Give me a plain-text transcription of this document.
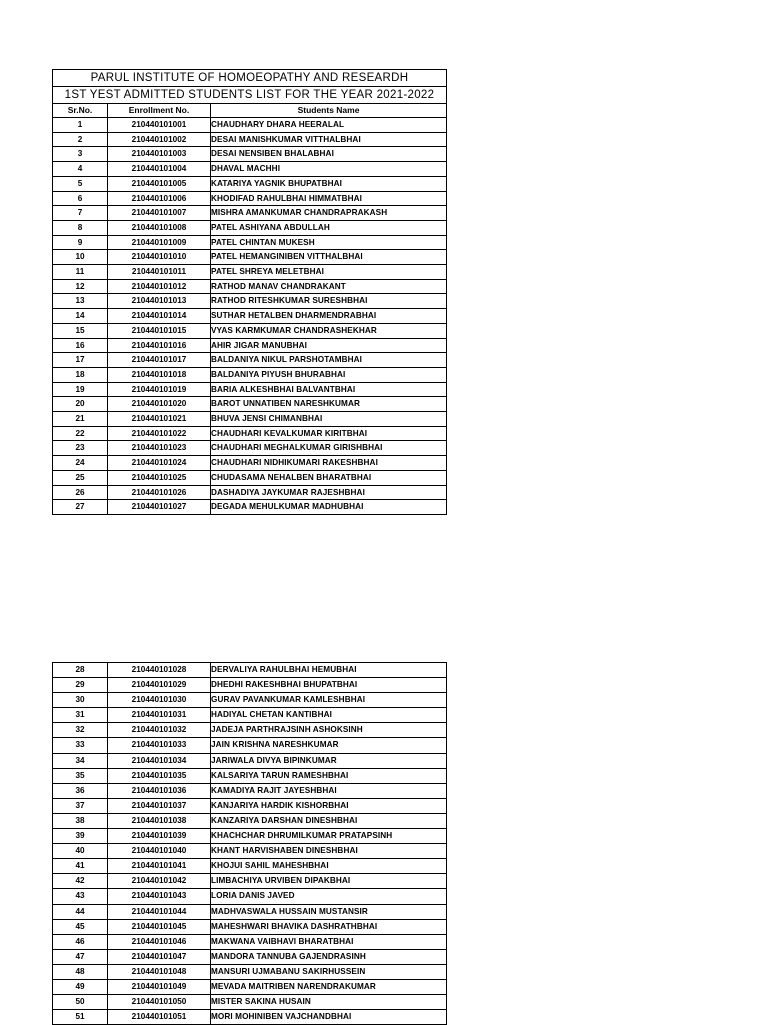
PARUL INSTITUTE OF HOMOEOPATHY AND RESEARDH		
1ST YEST ADMITTED STUDENTS LIST FOR THE YEAR 2021-2022		
Sr.No.	Enrollment No.	Students Name
1	210440101001	CHAUDHARY DHARA HEERALAL
2	210440101002	DESAI MANISHKUMAR VITTHALBHAI
3	210440101003	DESAI NENSIBEN BHALABHAI
4	210440101004	DHAVAL MACHHI
5	210440101005	KATARIYA YAGNIK BHUPATBHAI
6	210440101006	KHODIFAD RAHULBHAI HIMMATBHAI
7	210440101007	MISHRA AMANKUMAR CHANDRAPRAKASH
8	210440101008	PATEL ASHIYANA ABDULLAH
9	210440101009	PATEL CHINTAN MUKESH
10	210440101010	PATEL HEMANGINIBEN VITTHALBHAI
11	210440101011	PATEL SHREYA MELETBHAI
12	210440101012	RATHOD MANAV CHANDRAKANT
13	210440101013	RATHOD RITESHKUMAR SURESHBHAI
14	210440101014	SUTHAR HETALBEN DHARMENDRABHAI
15	210440101015	VYAS KARMKUMAR CHANDRASHEKHAR
16	210440101016	AHIR JIGAR MANUBHAI
17	210440101017	BALDANIYA NIKUL PARSHOTAMBHAI
18	210440101018	BALDANIYA PIYUSH BHURABHAI
19	210440101019	BARIA ALKESHBHAI BALVANTBHAI
20	210440101020	BAROT UNNATIBEN NARESHKUMAR
21	210440101021	BHUVA JENSI CHIMANBHAI
22	210440101022	CHAUDHARI KEVALKUMAR KIRITBHAI
23	210440101023	CHAUDHARI MEGHALKUMAR GIRISHBHAI
24	210440101024	CHAUDHARI NIDHIKUMARI RAKESHBHAI
25	210440101025	CHUDASAMA NEHALBEN BHARATBHAI
26	210440101026	DASHADIYA JAYKUMAR RAJESHBHAI
27	210440101027	DEGADA MEHULKUMAR MADHUBHAI
28	210440101028	DERVALIYA RAHULBHAI HEMUBHAI
29	210440101029	DHEDHI RAKESHBHAI BHUPATBHAI
30	210440101030	GURAV PAVANKUMAR KAMLESHBHAI
31	210440101031	HADIYAL CHETAN KANTIBHAI
32	210440101032	JADEJA PARTHRAJSINH ASHOKSINH
33	210440101033	JAIN KRISHNA NARESHKUMAR
34	210440101034	JARIWALA DIVYA BIPINKUMAR
35	210440101035	KALSARIYA TARUN RAMESHBHAI
36	210440101036	KAMADIYA RAJIT JAYESHBHAI
37	210440101037	KANJARIYA HARDIK KISHORBHAI
38	210440101038	KANZARIYA DARSHAN DINESHBHAI
39	210440101039	KHACHCHAR DHRUMILKUMAR PRATAPSINH
40	210440101040	KHANT HARVISHABEN DINESHBHAI
41	210440101041	KHOJUI SAHIL MAHESHBHAI
42	210440101042	LIMBACHIYA URVIBEN DIPAKBHAI
43	210440101043	LORIA DANIS JAVED
44	210440101044	MADHVASWALA HUSSAIN MUSTANSIR
45	210440101045	MAHESHWARI BHAVIKA DASHRATHBHAI
46	210440101046	MAKWANA VAIBHAVI BHARATBHAI
47	210440101047	MANDORA TANNUBA GAJENDRASINH
48	210440101048	MANSURI UJMABANU SAKIRHUSSEIN
49	210440101049	MEVADA MAITRIBEN NARENDRAKUMAR
50	210440101050	MISTER SAKINA HUSAIN
51	210440101051	MORI MOHINIBEN VAJCHANDBHAI
